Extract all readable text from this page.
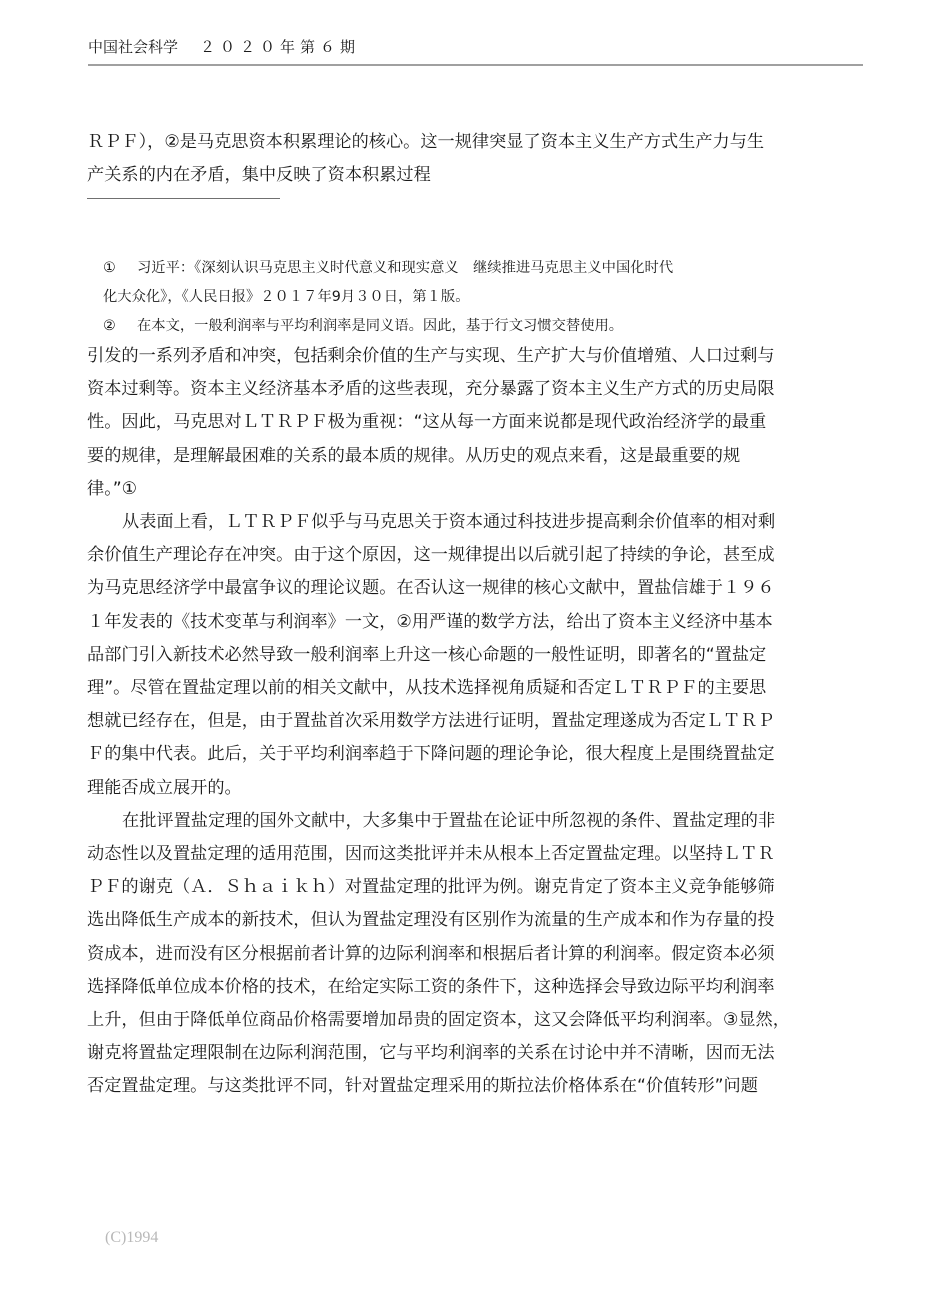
中国社会科学 ２０２０年第６期

ＲＰＦ），②是马克思资本积累理论的核心。这一规律突显了资本主义生产方式生产力与生

产关系的内在矛盾，集中反映了资本积累过程

① 习近平：《深刻认识马克思主义时代意义和现实意义　继续推进马克思主义中国化时代

化大众化》，《人民日报》２０１７年9月３０日，第１版。

② 在本文，一般利润率与平均利润率是同义语。因此，基于行文习惯交替使用。

引发的一系列矛盾和冲突，包括剩余价值的生产与实现、生产扩大与价值增殖、人口过剩与

资本过剩等。资本主义经济基本矛盾的这些表现，充分暴露了资本主义生产方式的历史局限

性。因此，马克思对ＬＴＲＰＦ极为重视：“这从每一方面来说都是现代政治经济学的最重

要的规律，是理解最困难的关系的最本质的规律。从历史的观点来看，这是最重要的规

律。”①

从表面上看，ＬＴＲＰＦ似乎与马克思关于资本通过科技进步提高剩余价值率的相对剩

余价值生产理论存在冲突。由于这个原因，这一规律提出以后就引起了持续的争论，甚至成

为马克思经济学中最富争议的理论议题。在否认这一规律的核心文献中，置盐信雄于１９６

１年发表的《技术变革与利润率》一文，②用严谨的数学方法，给出了资本主义经济中基本

品部门引入新技术必然导致一般利润率上升这一核心命题的一般性证明，即著名的“置盐定

理”。尽管在置盐定理以前的相关文献中，从技术选择视角质疑和否定ＬＴＲＰＦ的主要思

想就已经存在，但是，由于置盐首次采用数学方法进行证明，置盐定理遂成为否定ＬＴＲＰ

Ｆ的集中代表。此后，关于平均利润率趋于下降问题的理论争论，很大程度上是围绕置盐定

理能否成立展开的。

在批评置盐定理的国外文献中，大多集中于置盐在论证中所忽视的条件、置盐定理的非

动态性以及置盐定理的适用范围，因而这类批评并未从根本上否定置盐定理。以坚持ＬＴＲ

ＰＦ的谢克（Ａ．Ｓｈａｉｋｈ）对置盐定理的批评为例。谢克肯定了资本主义竞争能够筛

选出降低生产成本的新技术，但认为置盐定理没有区别作为流量的生产成本和作为存量的投

资成本，进而没有区分根据前者计算的边际利润率和根据后者计算的利润率。假定资本必须

选择降低单位成本价格的技术，在给定实际工资的条件下，这种选择会导致边际平均利润率

上升，但由于降低单位商品价格需要增加昂贵的固定资本，这又会降低平均利润率。③显然，

谢克将置盐定理限制在边际利润范围，它与平均利润率的关系在讨论中并不清晰，因而无法

否定置盐定理。与这类批评不同，针对置盐定理采用的斯拉法价格体系在“价值转形”问题

(C)1994
